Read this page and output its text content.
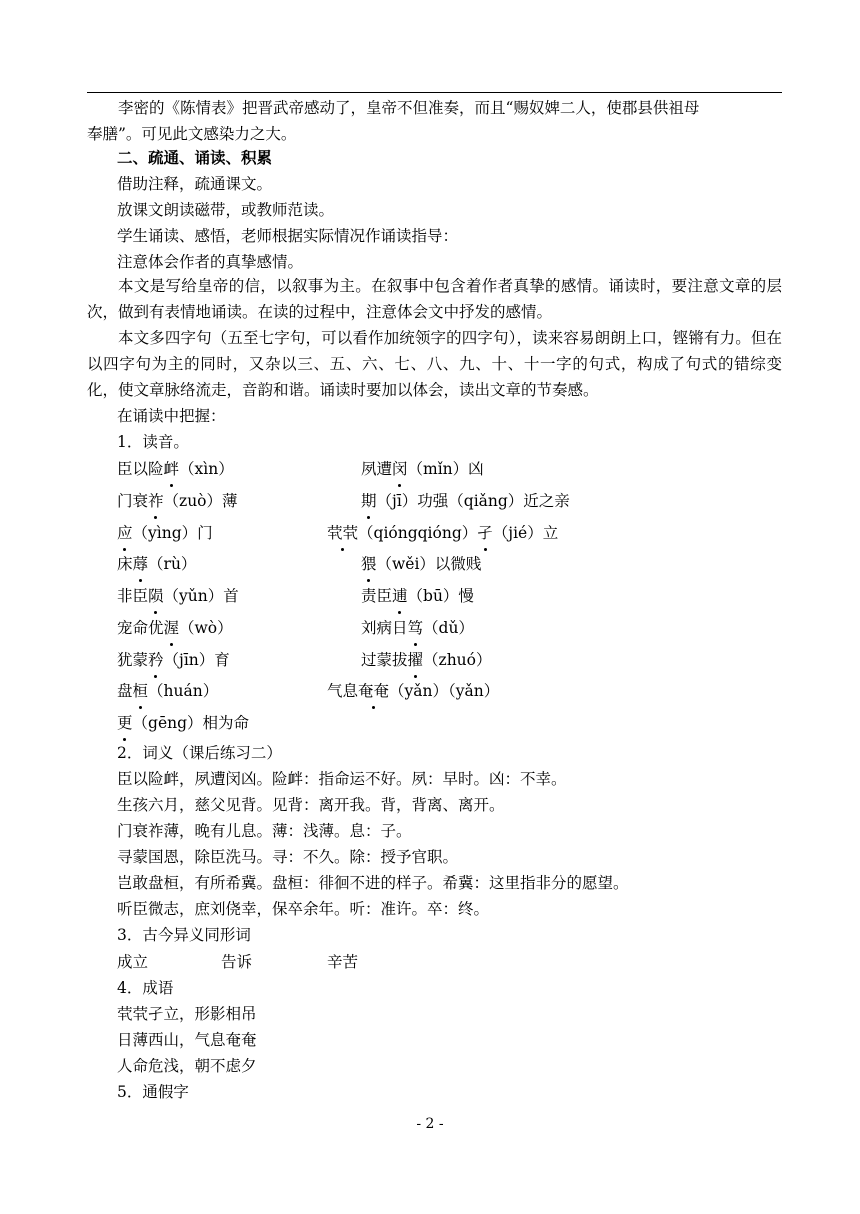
李密的《陈情表》把晋武帝感动了，皇帝不但准奏，而且“赐奴婢二人，使郡县供祖母
奉膳”。可见此文感染力之大。
二、疏通、诵读、积累
借助注释，疏通课文。
放课文朗读磁带，或教师范读。
学生诵读、感悟，老师根据实际情况作诵读指导：
注意体会作者的真挚感情。
本文是写给皇帝的信，以叙事为主。在叙事中包含着作者真挚的感情。诵读时，要注意文章的层次，做到有表情地诵读。在读的过程中，注意体会文中抒发的感情。
本文多四字句（五至七字句，可以看作加统领字的四字句），读来容易朗朗上口，铿锵有力。但在以四字句为主的同时，又杂以三、五、六、七、八、九、十、十一字的句式，构成了句式的错综变化，使文章脉络流走，音韵和谐。诵读时要加以体会，读出文章的节奏感。
在诵读中把握：
1．读音。
臣以险衅（xìn）
门衰祚（zuò）薄
应（yìng）门
床蓐（rù）
非臣陨（yǔn）首
宠命优渥（wò）
犹蒙矜（jīn）育
盘桓（huán）
更（gēng）相为命
夙遭闵（mǐn）凶
期（jī）功强（qiǎng）近之亲
茕茕（qióngqióng）孑（jié）立
猥（wěi）以微贱
责臣逋（bū）慢
刘病日笃（dǔ）
过蒙拔擢（zhuó）
气息奄奄（yǎn）（yǎn）
2．词义（课后练习二）
臣以险衅，夙遭闵凶。险衅：指命运不好。夙：早时。凶：不幸。
生孩六月，慈父见背。见背：离开我。背，背离、离开。
门衰祚薄，晚有儿息。薄：浅薄。息：子。
寻蒙国恩，除臣洗马。寻：不久。除：授予官职。
岂敢盘桓，有所希冀。盘桓：徘徊不进的样子。希冀：这里指非分的愿望。
听臣微志，庶刘侥幸，保卒余年。听：准许。卒：终。
3．古今异义同形词
成立	告诉	辛苦
4．成语
茕茕孑立，形影相吊
日薄西山，气息奄奄
人命危浅，朝不虑夕
5．通假字
- 2 -
